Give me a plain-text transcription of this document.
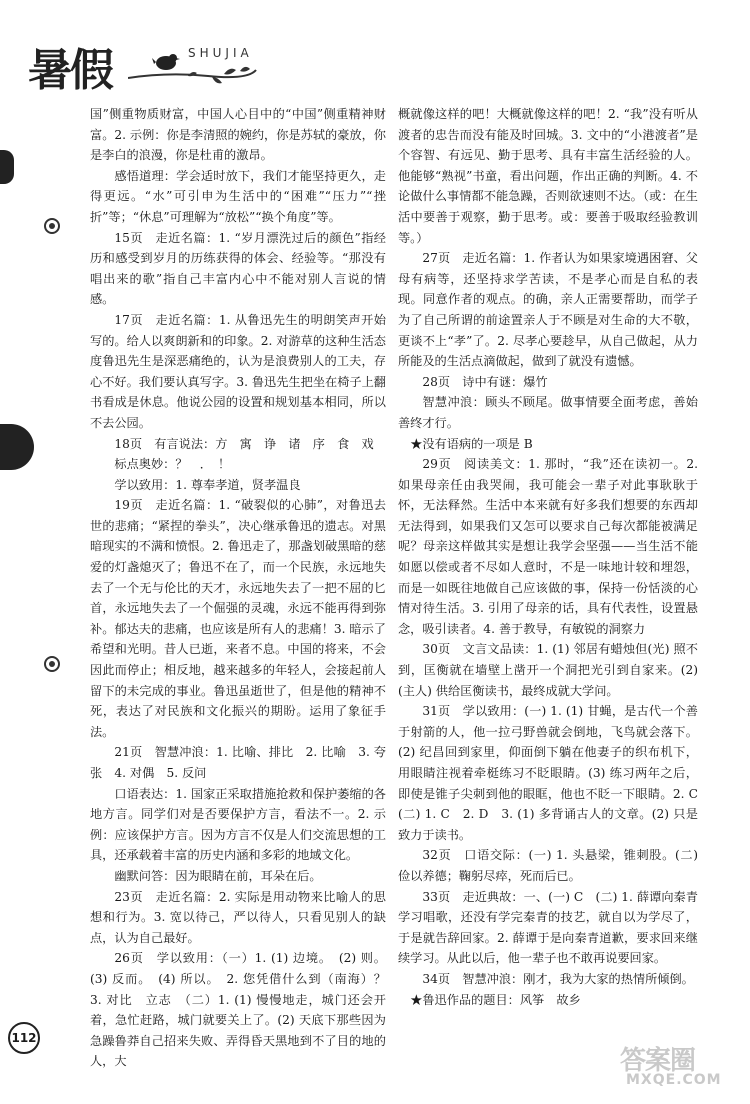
暑假	SHUJIA

国”侧重物质财富，中国人心目中的“中国”侧重精神财富。2. 示例：你是李清照的婉约，你是苏轼的豪放，你是李白的浪漫，你是杜甫的激昂。

感悟道理：学会适时放下，我们才能坚持更久，走得更远。“水”可引申为生活中的“困难”“压力”“挫折”等；“休息”可理解为“放松”“换个角度”等。

15页　走近名篇：1. “岁月漂洗过后的颜色”指经历和感受到岁月的历练获得的体会、经验等。“那没有唱出来的歌”指自己丰富内心中不能对别人言说的情感。

17页　走近名篇：1. 从鲁迅先生的明朗笑声开始写的。给人以爽朗新和的印象。2. 对游草的这种生活态度鲁迅先生是深恶痛绝的，认为是浪费别人的工夫，存心不好。我们要认真写字。3. 鲁迅先生把坐在椅子上翻书看成是休息。他说公园的设置和规划基本相同，所以不去公园。

18页　有言说法：方　寓　诤　诸　序　食　戏

标点奥妙：？　．　！

学以致用：1. 尊奉孝道，贤孝温良

19页　走近名篇：1. “破裂似的心肺”，对鲁迅去世的悲痛；“紧捏的拳头”，决心继承鲁迅的遗志。对黑暗现实的不满和愤恨。2. 鲁迅走了，那盏划破黑暗的慈爱的灯盏熄灭了；鲁迅不在了，而一个民族，永远地失去了一个无与伦比的天才，永远地失去了一把不屈的匕首，永远地失去了一个倔强的灵魂，永远不能再得到弥补。郁达夫的悲痛，也应该是所有人的悲痛！3. 暗示了希望和光明。昔人已逝，来者不息。中国的将来，不会因此而停止；相反地，越来越多的年轻人，会接起前人留下的未完成的事业。鲁迅虽逝世了，但是他的精神不死，表达了对民族和文化振兴的期盼。运用了象征手法。

21页　智慧冲浪：1. 比喻、排比　2. 比喻　3. 夸张　4. 对偶　5. 反问

口语表达：1. 国家正采取措施抢救和保护萎缩的各地方言。同学们对是否要保护方言，看法不一。2. 示例：应该保护方言。因为方言不仅是人们交流思想的工具，还承载着丰富的历史内涵和多彩的地域文化。

幽默问答：因为眼睛在前，耳朵在后。

23页　走近名篇：2. 实际是用动物来比喻人的思想和行为。3. 宽以待己，严以待人，只看见别人的缺点，认为自己最好。

26页　学以致用：（一）1. (1) 边境。　(2) 则。(3) 反而。　(4) 所以。　2. 您凭借什么到（南海）？　3. 对比　立志　（二）1. (1) 慢慢地走，城门还会开着，急忙赶路，城门就要关上了。(2) 天底下那些因为急躁鲁莽自己招来失败、弄得昏天黑地到不了目的地的人，大

概就像这样的吧！大概就像这样的吧！2. “我”没有听从渡者的忠告而没有能及时回城。3. 文中的“小港渡者”是个容智、有远见、勤于思考、具有丰富生活经验的人。他能够“熟视”书童，看出问题，作出正确的判断。4. 不论做什么事情都不能急躁，否则欲速则不达。（或：在生活中要善于观察，勤于思考。或：要善于吸取经验教训等。）

27页　走近名篇：1. 作者认为如果家境遇困窘、父母有病等，还坚持求学苦读，不是孝心而是自私的表现。同意作者的观点。的确，亲人正需要帮助，而学子为了自己所谓的前途置亲人于不顾是对生命的大不敬，更谈不上“孝”了。2. 尽孝心要趁早，从自己做起，从力所能及的生活点滴做起，做到了就没有遗憾。

28页　诗中有谜：爆竹

智慧冲浪：顾头不顾尾。做事情要全面考虑，善始善终才行。

★没有语病的一项是 B

29页　阅读美文：1. 那时，“我”还在读初一。2. 如果母亲任由我哭闹，我可能会一辈子对此事耿耿于怀，无法释然。生活中本来就有好多我们想要的东西却无法得到，如果我们又怎可以要求自己每次都能被满足呢？母亲这样做其实是想让我学会坚强——当生活不能如愿以偿或者不尽如人意时，不是一味地计较和埋怨，而是一如既往地做自己应该做的事，保持一份恬淡的心情对待生活。3. 引用了母亲的话，具有代表性，设置悬念，吸引读者。4. 善于教导，有敏锐的洞察力

30页　文言文品读：1. (1) 邻居有蜡烛但(光) 照不到，匡衡就在墙壁上凿开一个洞把光引到自家来。(2) (主人) 供给匡衡读书，最终成就大学问。

31页　学以致用：(一) 1. (1) 甘蝇，是古代一个善于射箭的人，他一拉弓野兽就会倒地，飞鸟就会落下。(2) 纪昌回到家里，仰面倒下躺在他妻子的织布机下，用眼睛注视着牵梃练习不眨眼睛。(3) 练习两年之后，即使是锥子尖刺到他的眼眶，他也不眨一下眼睛。2. C (二) 1. C　2. D　3. (1) 多背诵古人的文章。(2) 只是致力于读书。

32页　口语交际：(一) 1. 头悬梁，锥刺股。(二) 俭以养德；鞠躬尽瘁，死而后已。

33页　走近典故：一、(一) C　(二) 1. 薛谭向秦青学习唱歌，还没有学完秦青的技艺，就自以为学尽了，于是就告辞回家。2. 薛谭于是向秦青道歉，要求回来继续学习。从此以后，他一辈子也不敢再说要回家。

34页　智慧冲浪：刚才，我为大家的热情所倾倒。

★鲁迅作品的题目：风筝　故乡

112
答案圈
MXQE.COM
